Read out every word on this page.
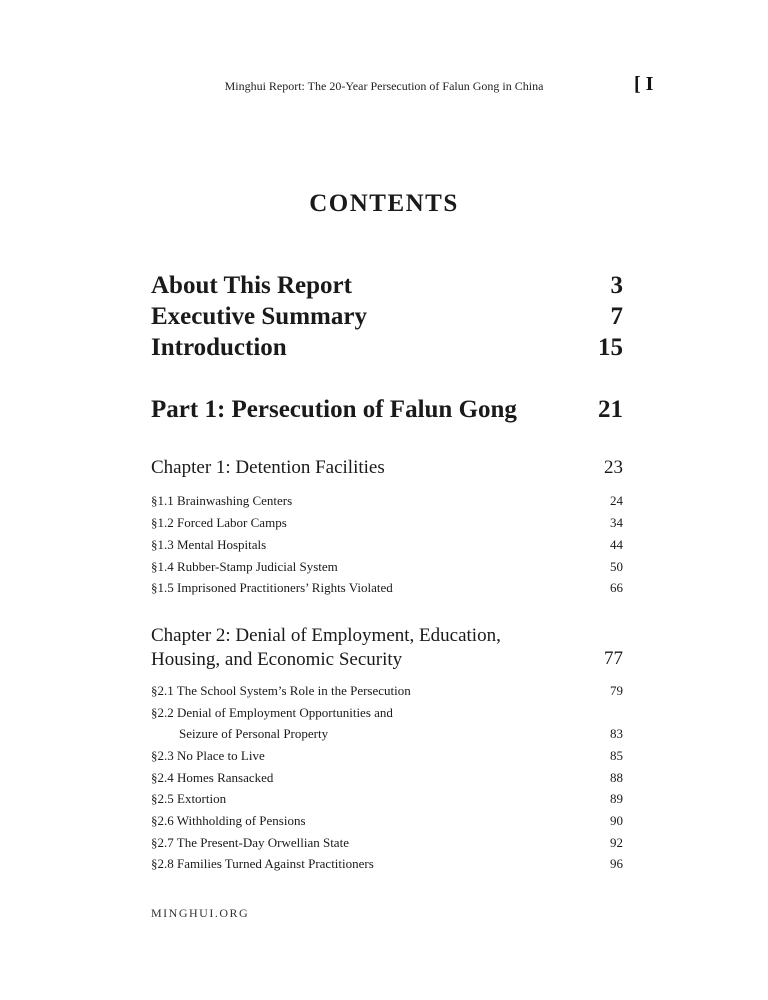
Minghui Report: The 20-Year Persecution of Falun Gong in China	[ I
CONTENTS
About This Report	3
Executive Summary	7
Introduction	15
Part 1: Persecution of Falun Gong	21
Chapter 1: Detention Facilities	23
§1.1 Brainwashing Centers	24
§1.2 Forced Labor Camps	34
§1.3 Mental Hospitals	44
§1.4 Rubber-Stamp Judicial System	50
§1.5 Imprisoned Practitioners’ Rights Violated	66
Chapter 2: Denial of Employment, Education,
Housing, and Economic Security	77
§2.1 The School System’s Role in the Persecution	79
§2.2 Denial of Employment Opportunities and
Seizure of Personal Property	83
§2.3 No Place to Live	85
§2.4 Homes Ransacked	88
§2.5 Extortion	89
§2.6 Withholding of Pensions	90
§2.7 The Present-Day Orwellian State	92
§2.8 Families Turned Against Practitioners	96
MINGHUI.ORG
